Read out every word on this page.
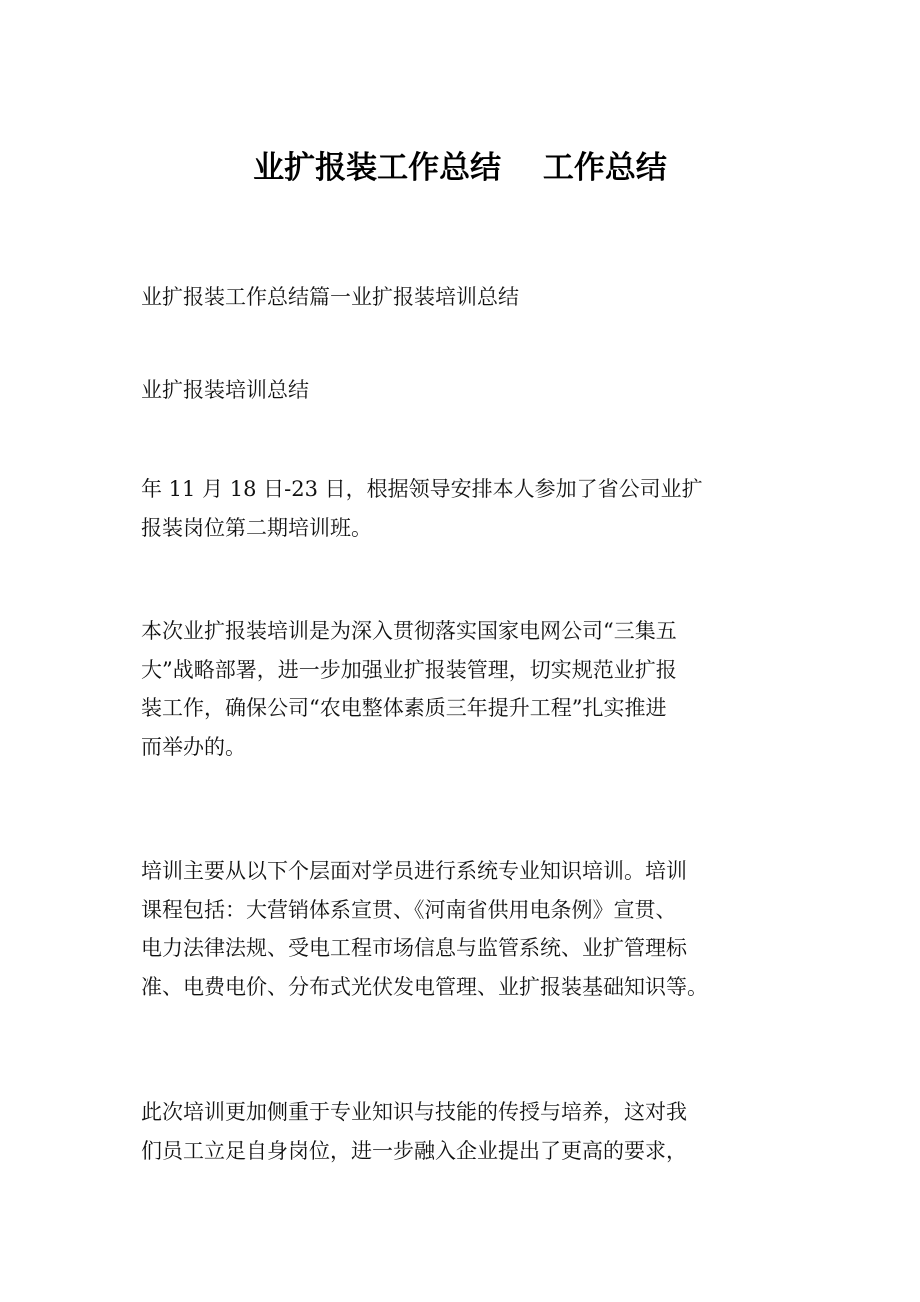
业扩报装工作总结　 工作总结

业扩报装工作总结篇一业扩报装培训总结

业扩报装培训总结

年 11 月 18 日-23 日，根据领导安排本人参加了省公司业扩
报装岗位第二期培训班。

本次业扩报装培训是为深入贯彻落实国家电网公司“三集五
大”战略部署，进一步加强业扩报装管理，切实规范业扩报
装工作，确保公司“农电整体素质三年提升工程”扎实推进
而举办的。

培训主要从以下个层面对学员进行系统专业知识培训。培训
课程包括：大营销体系宣贯、《河南省供用电条例》宣贯、
电力法律法规、受电工程市场信息与监管系统、业扩管理标
准、电费电价、分布式光伏发电管理、业扩报装基础知识等。

此次培训更加侧重于专业知识与技能的传授与培养，这对我
们员工立足自身岗位，进一步融入企业提出了更高的要求，
